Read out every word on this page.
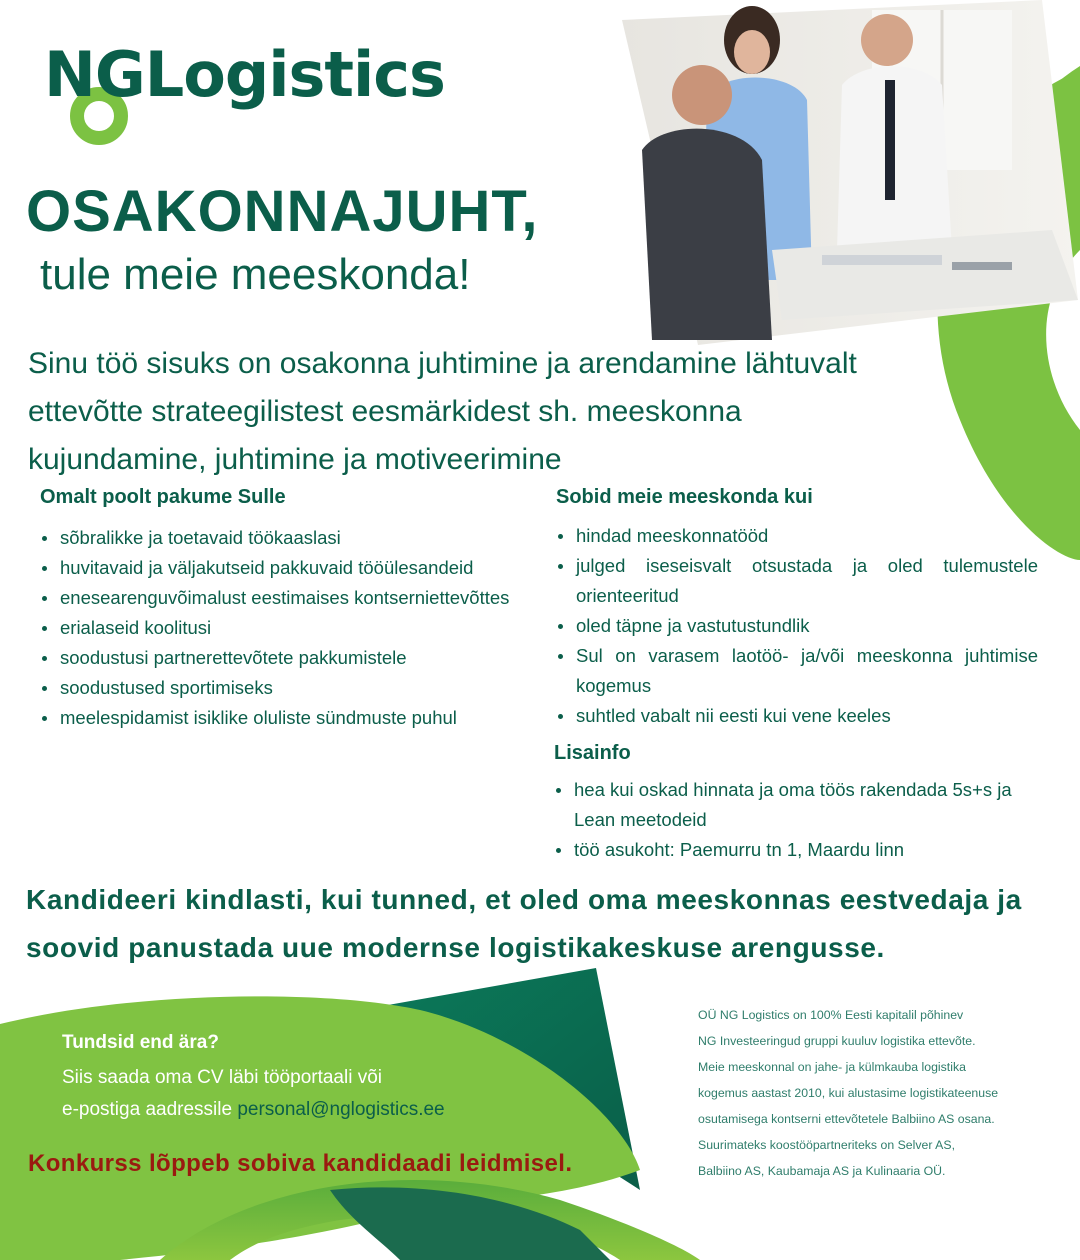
NGLogistics
OSAKONNAJUHT,
tule meie meeskonda!
Sinu töö sisuks on osakonna juhtimine ja arendamine lähtuvalt ettevõtte strateegilistest eesmärkidest sh. meeskonna kujundamine, juhtimine ja motiveerimine
Omalt poolt pakume Sulle
sõbralikke ja toetavaid töökaaslasi
huvitavaid ja väljakutseid pakkuvaid tööülesandeid
enesearenguvõimalust eestimaises kontserniettevõttes
erialaseid koolitusi
soodustusi partnerettevõtete pakkumistele
soodustused sportimiseks
meelespidamist isiklike oluliste sündmuste puhul
Sobid meie meeskonda kui
hindad meeskonnatööd
julged iseseisvalt otsustada ja oled tulemustele orienteeritud
oled täpne ja vastutustundlik
Sul on varasem laotöö- ja/või meeskonna juhtimise kogemus
suhtled vabalt nii eesti kui vene keeles
Lisainfo
hea kui oskad hinnata ja oma töös rakendada 5s+s ja Lean meetodeid
töö asukoht: Paemurru tn 1, Maardu linn
Kandideeri kindlasti, kui tunned, et oled oma meeskonnas eestvedaja ja soovid panustada uue modernse logistikakeskuse arengusse.
Tundsid end ära?
Siis saada oma CV läbi tööportaali või
e-postiga aadressile personal@nglogistics.ee
Konkurss lõppeb sobiva kandidaadi leidmisel.
OÜ NG Logistics on 100% Eesti kapitalil põhinev
NG Investeeringud gruppi kuuluv logistika ettevõte.
Meie meeskonnal on jahe- ja külmkauba logistika
kogemus aastast 2010, kui alustasime logistikateenuse
osutamisega kontserni ettevõtetele Balbiino AS osana.
Suurimateks koostööpartneriteks on Selver AS,
Balbiino AS, Kaubamaja AS ja Kulinaaria OÜ.
